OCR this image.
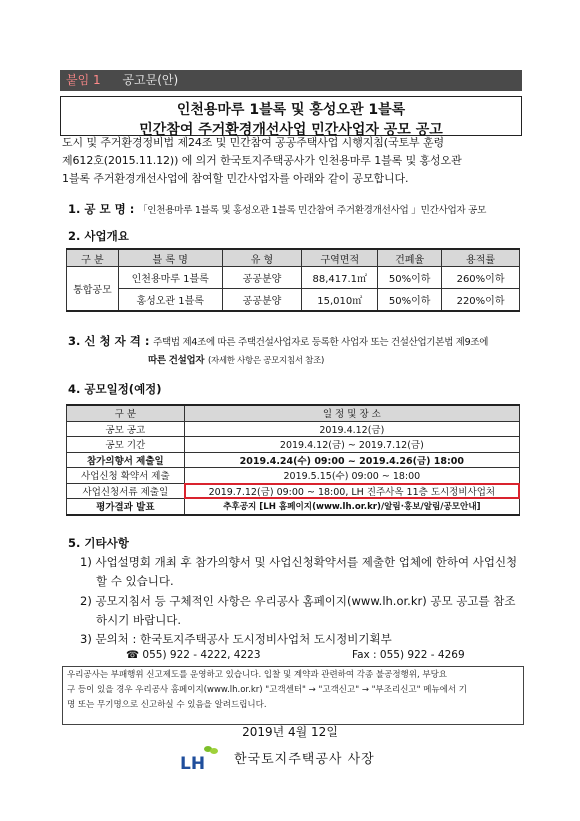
붙임 1 공고문(안)
인천용마루 1블록 및 홍성오관 1블록
민간참여 주거환경개선사업 민간사업자 공모 공고
도시 및 주거환경정비법 제24조 및 민간참여 공공주택사업 시행지침(국토부 훈령
제612호(2015.11.12)) 에 의거 한국토지주택공사가 인천용마루 1블록 및 홍성오관
1블록 주거환경개선사업에 참여할 민간사업자를 아래와 같이 공모합니다.
1. 공 모 명 : 「인천용마루 1블록 및 홍성오관 1블록 민간참여 주거환경개선사업 」민간사업자 공모
2. 사업개요
구 분	블 록 명	유 형	구역면적	건폐율	용적률
통합공모	인천용마루 1블록	공공분양	88,417.1㎡	50%이하	260%이하
	홍성오관 1블록	공공분양	15,010㎡	50%이하	220%이하
3. 신 청 자 격 : 주택법 제4조에 따른 주택건설사업자로 등록한 사업자 또는 건설산업기본법 제9조에
따른 건설업자 (자세한 사항은 공모지침서 참조)
4. 공모일정(예정)
구 분	일 정 및 장 소
공모 공고	2019.4.12(금)
공모 기간	2019.4.12(금) ~ 2019.7.12(금)
참가의향서 제출일	2019.4.24(수) 09:00 ~ 2019.4.26(금) 18:00
사업신청 확약서 제출	2019.5.15(수) 09:00 ~ 18:00
사업신청서류 제출일	2019.7.12(금) 09:00 ~ 18:00, LH 진주사옥 11층 도시정비사업처
평가결과 발표	추후공지 [LH 홈페이지(www.lh.or.kr)/알림·홍보/알림/공모안내]
5. 기타사항
1) 사업설명회 개최 후 참가의향서 및 사업신청확약서를 제출한 업체에 한하여 사업신청
할 수 있습니다.
2) 공모지침서 등 구체적인 사항은 우리공사 홈페이지(www.lh.or.kr) 공모 공고를 참조
하시기 바랍니다.
3) 문의처 : 한국토지주택공사 도시정비사업처 도시정비기획부
☎ 055) 922 - 4222, 4223	Fax : 055) 922 - 4269
우리공사는 부패행위 신고제도를 운영하고 있습니다. 입찰 및 계약과 관련하여 각종 불공정행위, 부당요
구 등이 있을 경우 우리공사 홈페이지(www.lh.or.kr) "고객센터" → "고객신고" → "부조리신고" 메뉴에서 기
명 또는 무기명으로 신고하실 수 있음을 알려드립니다.
2019년 4월 12일
LH 한국토지주택공사 사장
